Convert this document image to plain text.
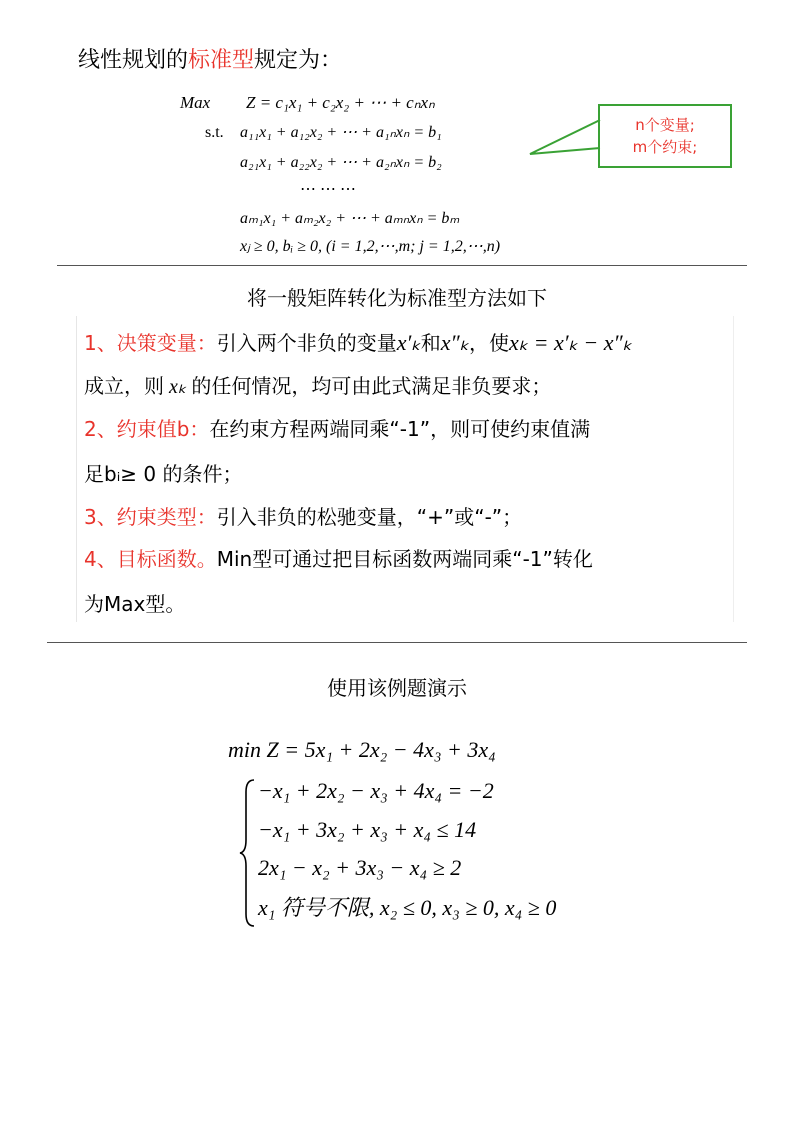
线性规划的标准型规定为：
Max Z = c₁x₁ + c₂x₂ + ⋯ + cₙxₙ
s.t. a₁₁x₁ + a₁₂x₂ + ⋯ + a₁ₙxₙ = b₁
a₂₁x₁ + a₂₂x₂ + ⋯ + a₂ₙxₙ = b₂
⋯ ⋯ ⋯
aₘ₁x₁ + aₘ₂x₂ + ⋯ + aₘₙxₙ = bₘ
xⱼ ≥ 0, bᵢ ≥ 0, (i = 1,2,⋯,m; j = 1,2,⋯,n)
n个变量;
m个约束;
将一般矩阵转化为标准型方法如下
1、决策变量：引入两个非负的变量x′ₖ和x″ₖ，使xₖ = x′ₖ − x″ₖ
成立，则 xₖ 的任何情况，均可由此式满足非负要求；
2、约束值b：在约束方程两端同乘“-1”，则可使约束值满
足bᵢ≥ 0 的条件；
3、约束类型：引入非负的松驰变量，“+”或“-”；
4、目标函数。Min型可通过把目标函数两端同乘“-1”转化
为Max型。
使用该例题演示
min Z = 5x₁ + 2x₂ − 4x₃ + 3x₄
−x₁ + 2x₂ − x₃ + 4x₄ = −2
−x₁ + 3x₂ + x₃ + x₄ ≤ 14
2x₁ − x₂ + 3x₃ − x₄ ≥ 2
x₁ 符号不限, x₂ ≤ 0, x₃ ≥ 0, x₄ ≥ 0
